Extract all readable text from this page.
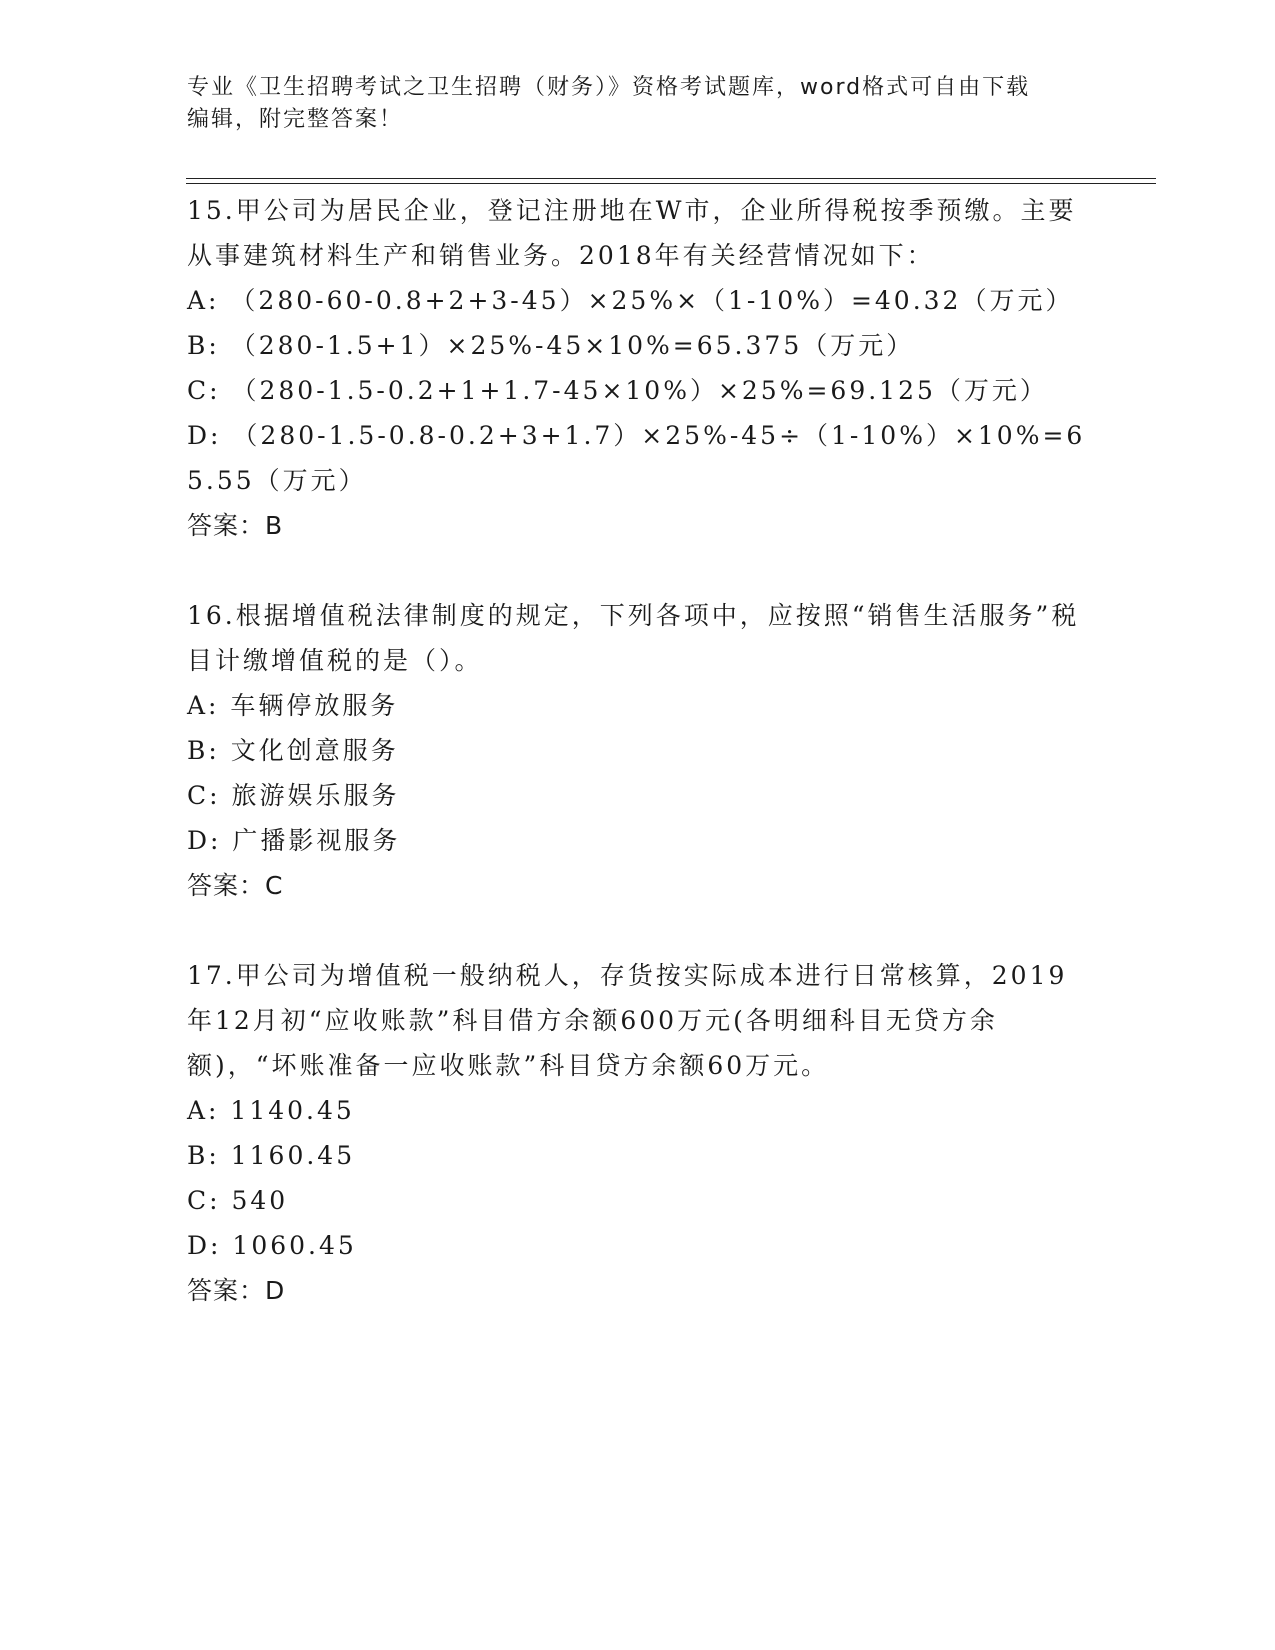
专业《卫生招聘考试之卫生招聘（财务）》资格考试题库，word格式可自由下载
编辑，附完整答案！

15.甲公司为居民企业，登记注册地在W市，企业所得税按季预缴。主要从事建筑材料生产和销售业务。2018年有关经营情况如下：

A: （280-60-0.8+2+3-45）×25%×（1-10%）=40.32（万元）

B: （280-1.5+1）×25%-45×10%=65.375（万元）

C: （280-1.5-0.2+1+1.7-45×10%）×25%=69.125（万元）

D: （280-1.5-0.8-0.2+3+1.7）×25%-45÷（1-10%）×10%=65.55（万元）

答案：B

16.根据增值税法律制度的规定，下列各项中，应按照“销售生活服务”税目计缴增值税的是（）。

A: 车辆停放服务

B: 文化创意服务

C: 旅游娱乐服务

D: 广播影视服务

答案：C

17.甲公司为增值税一般纳税人，存货按实际成本进行日常核算，2019年12月初“应收账款”科目借方余额600万元(各明细科目无贷方余额)，“坏账准备一应收账款”科目贷方余额60万元。

A: 1140.45

B: 1160.45

C: 540

D: 1060.45

答案：D
